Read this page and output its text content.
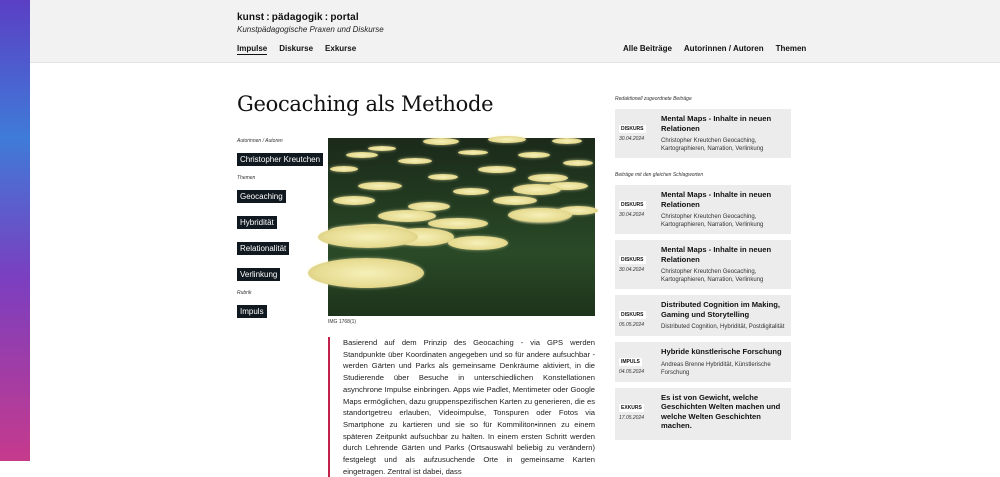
kunst : pädagogik : portal
Kunstpädagogische Praxen und Diskurse
Impulse Diskurse Exkurse	Alle Beiträge Autorinnen / Autoren Themen
Geocaching als Methode
Autorinnen / Autoren
Christopher Kreutchen
Themen
Geocaching
Hybridität
Relationalität
Verlinkung
Rubrik
Impuls
IMG 1768(1)

Basierend auf dem Prinzip des Geocaching - via GPS werden Standpunkte über Koordinaten angegeben und so für andere aufsuchbar - werden Gärten und Parks als gemeinsame Denkräume aktiviert, in die Studierende über Besuche in unterschiedlichen Konstellationen asynchrone Impulse einbringen. Apps wie Padlet, Mentimeter oder Google Maps ermöglichen, dazu gruppenspezifischen Karten zu generieren, die es standortgetreu erlauben, Videoimpulse, Tonspuren oder Fotos via Smartphone zu kartieren und sie so für Kommiliton•innen zu einem späteren Zeitpunkt aufsuchbar zu halten. In einem ersten Schritt werden durch Lehrende Gärten und Parks (Ortsauswahl beliebig zu verändern) festgelegt und als aufzusuchende Orte in gemeinsame Karten eingetragen. Zentral ist dabei, dass

Redaktionell zugeordnete Beiträge
DISKURS
30.04.2024
Mental Maps - Inhalte in neuen Relationen
Christopher Kreutchen Geocaching, Kartographieren, Narration, Verlinkung
Beiträge mit den gleichen Schlagworten
DISKURS
30.04.2024
Mental Maps - Inhalte in neuen Relationen
Christopher Kreutchen Geocaching, Kartographieren, Narration, Verlinkung
DISKURS
30.04.2024
Mental Maps - Inhalte in neuen Relationen
Christopher Kreutchen Geocaching, Kartographieren, Narration, Verlinkung
DISKURS
05.05.2024
Distributed Cognition im Making, Gaming und Storytelling
Distributed Cognition, Hybridität, Postdigitalität
IMPULS
04.05.2024
Hybride künstlerische Forschung
Andreas Brenne Hybridität, Künstlerische Forschung
EXKURS
17.05.2024
Es ist von Gewicht, welche Geschichten Welten machen und welche Welten Geschichten machen.
